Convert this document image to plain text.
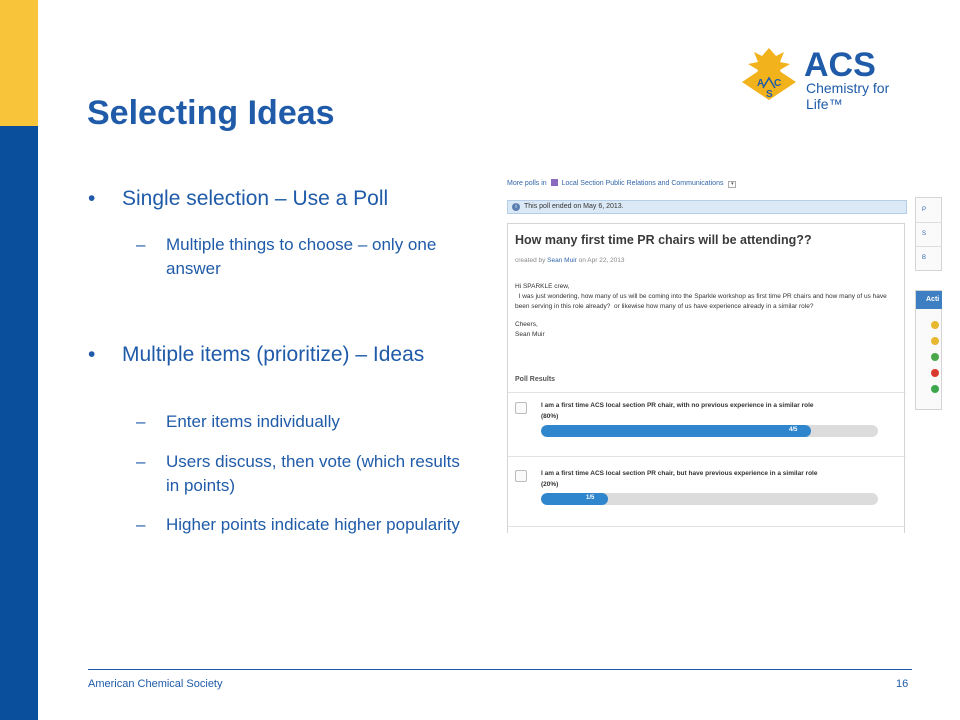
A C
S
ACS
Chemistry for Life™
Selecting Ideas
•	Single selection – Use a Poll
–	Multiple things to choose – only one answer
•	Multiple items (prioritize) – Ideas
–	Enter items individually
–	Users discuss, then vote (which results in points)
–	Higher points indicate higher popularity
More polls in Local Section Public Relations and Communications ▾
i	This poll ended on May 6, 2013.
How many first time PR chairs will be attending??
created by Sean Muir on Apr 22, 2013
Hi SPARKLE crew,
I was just wondering, how many of us will be coming into the Sparkle workshop as first time PR chairs and how many of us have been serving in this role already?  or likewise how many of us have experience already in a similar role?
Cheers,
Sean Muir
Poll Results
I am a first time ACS local section PR chair, with no previous experience in a similar role
(80%)
4/5
I am a first time ACS local section PR chair, but have previous experience in a similar role
(20%)
1/5
P
S
B
Acti
American Chemical Society	16
